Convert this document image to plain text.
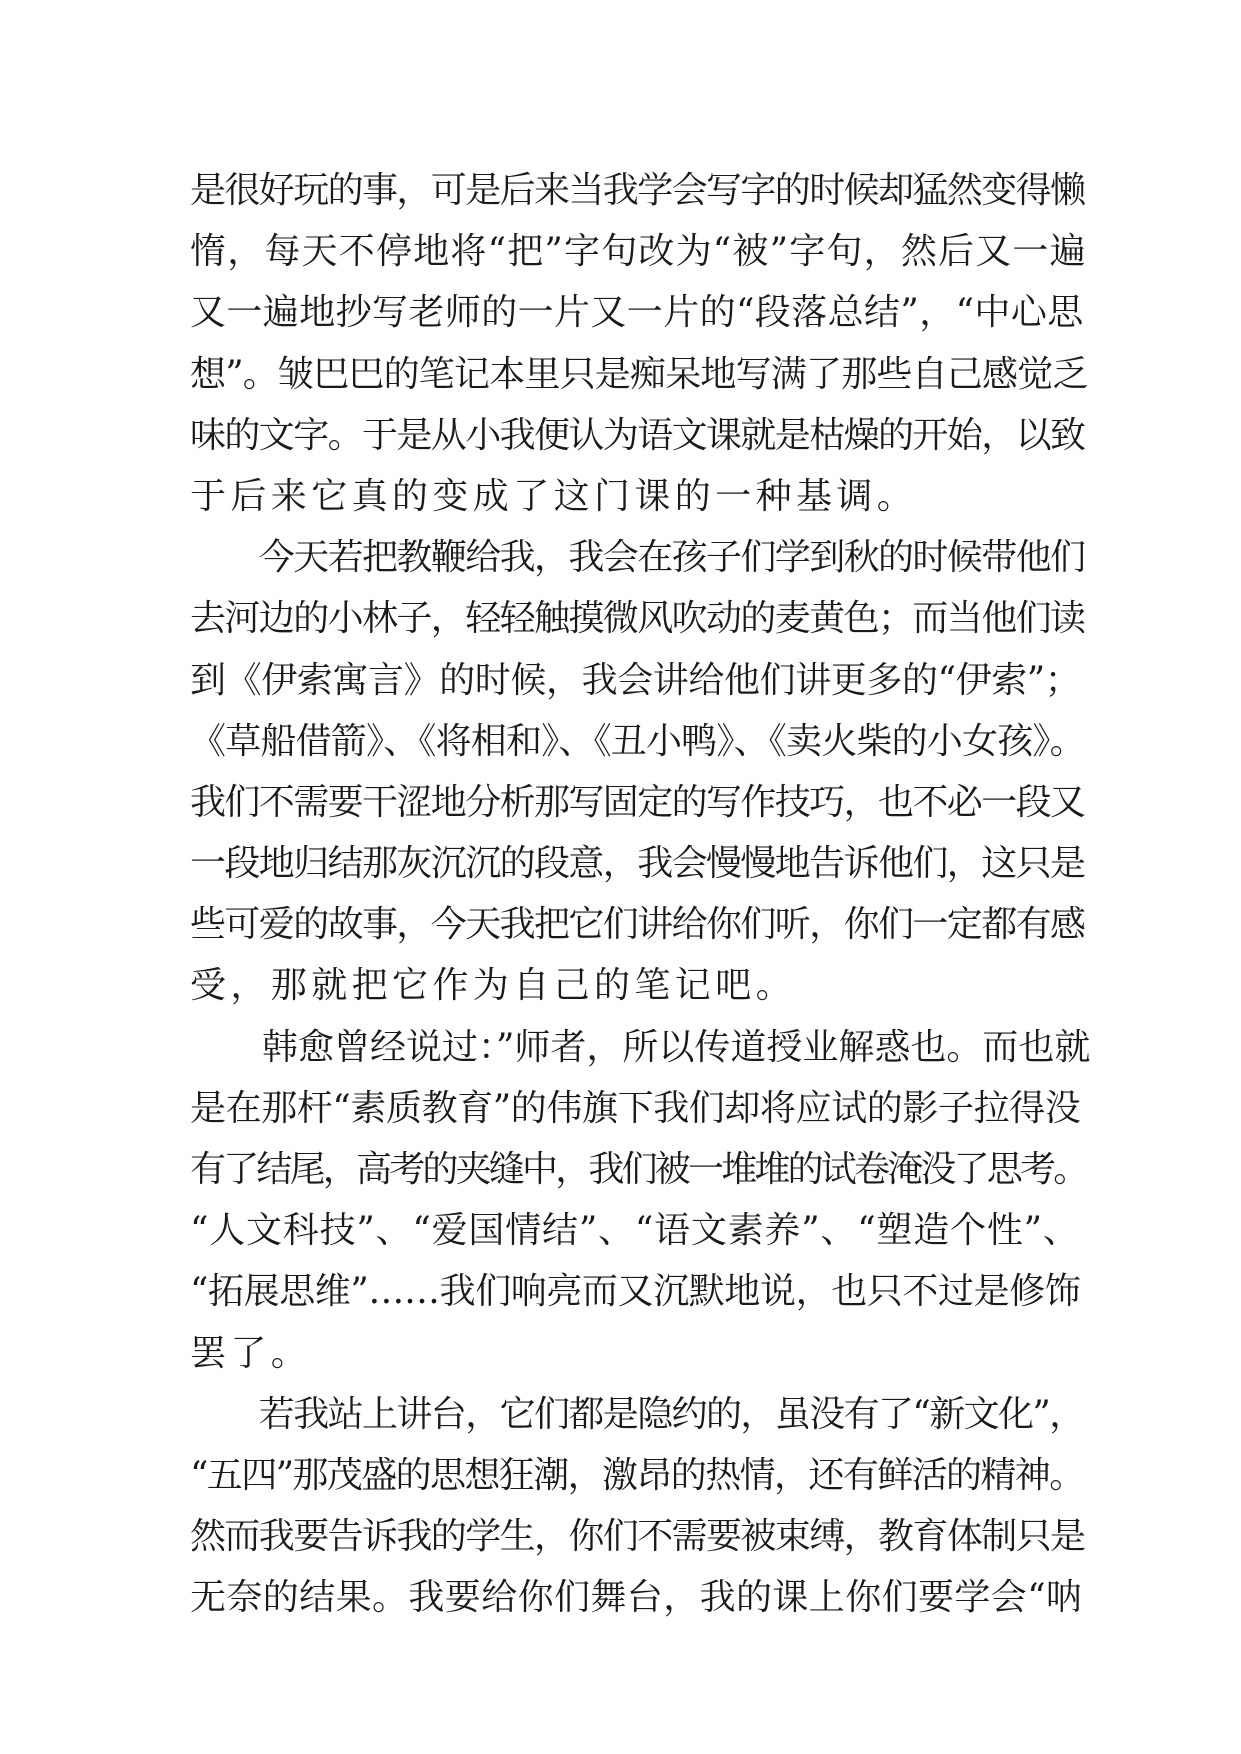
是很好玩的事，可是后来当我学会写字的时候却猛然变得懒
惰，每天不停地将“把”字句改为“被”字句，然后又一遍
又一遍地抄写老师的一片又一片的“段落总结”，“中心思
想”。皱巴巴的笔记本里只是痴呆地写满了那些自己感觉乏
味的文字。于是从小我便认为语文课就是枯燥的开始，以致
于后来它真的变成了这门课的一种基调。
　　今天若把教鞭给我，我会在孩子们学到秋的时候带他们
去河边的小林子，轻轻触摸微风吹动的麦黄色；而当他们读
到《伊索寓言》的时候，我会讲给他们讲更多的“伊索”；
《草船借箭》、《将相和》、《丑小鸭》、《卖火柴的小女孩》。
我们不需要干涩地分析那写固定的写作技巧，也不必一段又
一段地归结那灰沉沉的段意，我会慢慢地告诉他们，这只是
些可爱的故事，今天我把它们讲给你们听，你们一定都有感
受，那就把它作为自己的笔记吧。
　　韩愈曾经说过：”师者，所以传道授业解惑也。而也就
是在那杆“素质教育”的伟旗下我们却将应试的影子拉得没
有了结尾，高考的夹缝中，我们被一堆堆的试卷淹没了思考。
“人文科技”、“爱国情结”、“语文素养”、“塑造个性”、
“拓展思维”……我们响亮而又沉默地说，也只不过是修饰
罢了。
　　若我站上讲台，它们都是隐约的，虽没有了“新文化”，
“五四”那茂盛的思想狂潮，激昂的热情，还有鲜活的精神。
然而我要告诉我的学生，你们不需要被束缚，教育体制只是
无奈的结果。我要给你们舞台，我的课上你们要学会“呐
